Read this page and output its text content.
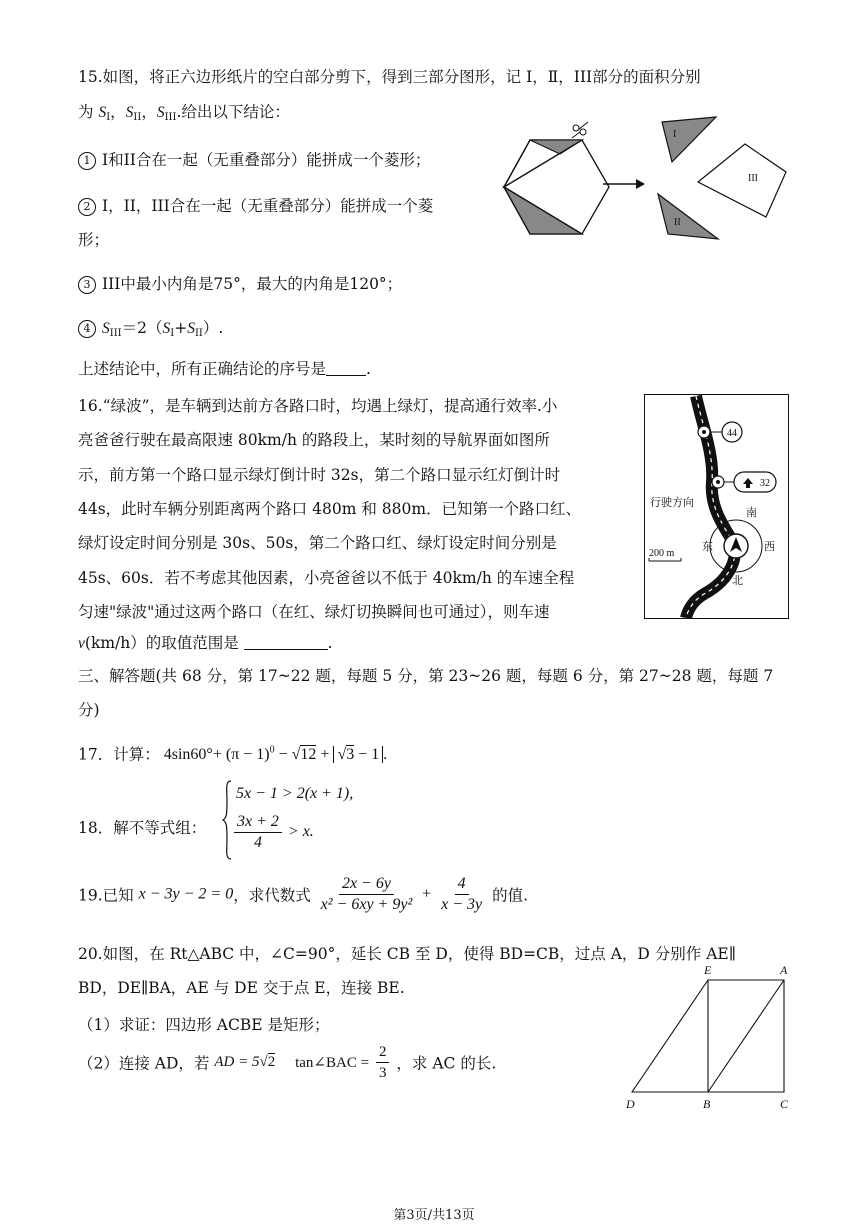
15.如图，将正六边形纸片的空白部分剪下，得到三部分图形，记 I，Ⅱ，III部分的面积分别
为 $S_I$，$S_{II}$，$S_{III}$.给出以下结论：
1 I和II合在一起（无重叠部分）能拼成一个菱形；
2 I，II，III合在一起（无重叠部分）能拼成一个菱
形；
3 III中最小内角是75°，最大的内角是120°；
4 $S_{III}=2(S_I+S_{II})$.
上述结论中，所有正确结论的序号是	.
I
II
III
16.“绿波”，是车辆到达前方各路口时，均遇上绿灯，提高通行效率.小
亮爸爸行驶在最高限速 80km/h 的路段上，某时刻的导航界面如图所
示，前方第一个路口显示绿灯倒计时 32s，第二个路口显示红灯倒计时
44s，此时车辆分别距离两个路口 480m 和 880m．已知第一个路口红、
绿灯设定时间分别是 30s、50s，第二个路口红、绿灯设定时间分别是
45s、60s．若不考虑其他因素，小亮爸爸以不低于 40km/h 的车速全程
匀速"绿波"通过这两个路口（在红、绿灯切换瞬间也可通过），则车速
v(km/h）的取值范围是	.
44
32
行驶方向
南
东	西
北
200 m
三、解答题(共 68 分，第 17~22 题，每题 5 分，第 23~26 题，每题 6 分，第 27~28 题，每题 7
分)
17．计算： $4\sin 60^\circ+ (\pi - 1)^0 - √12 + √3 - 1$ .
18．解不等式组：
5x − 1 > 2(x + 1),
$\frac{3x + 2}{4} > x$.
19.已知 x − 3y − 2 = 0，求代数式 $\frac{2x - 6y}{\text{x² − 6xy + 9y²}} + \frac{4}{x - 3y}$ 的值.
20.如图，在 Rt△ABC 中，∠C=90°，延长 CB 至 D，使得 BD=CB，过点 A，D 分别作 AE∥
BD，DE∥BA，AE 与 DE 交于点 E，连接 BE.
（1）求证：四边形 ACBE 是矩形；
（2）连接 AD，若 AD = 5√2 tan∠BAC = $\frac{2}{3}$ ，求 AC 的长.
E	A
D	B	C
第3页/共13页
